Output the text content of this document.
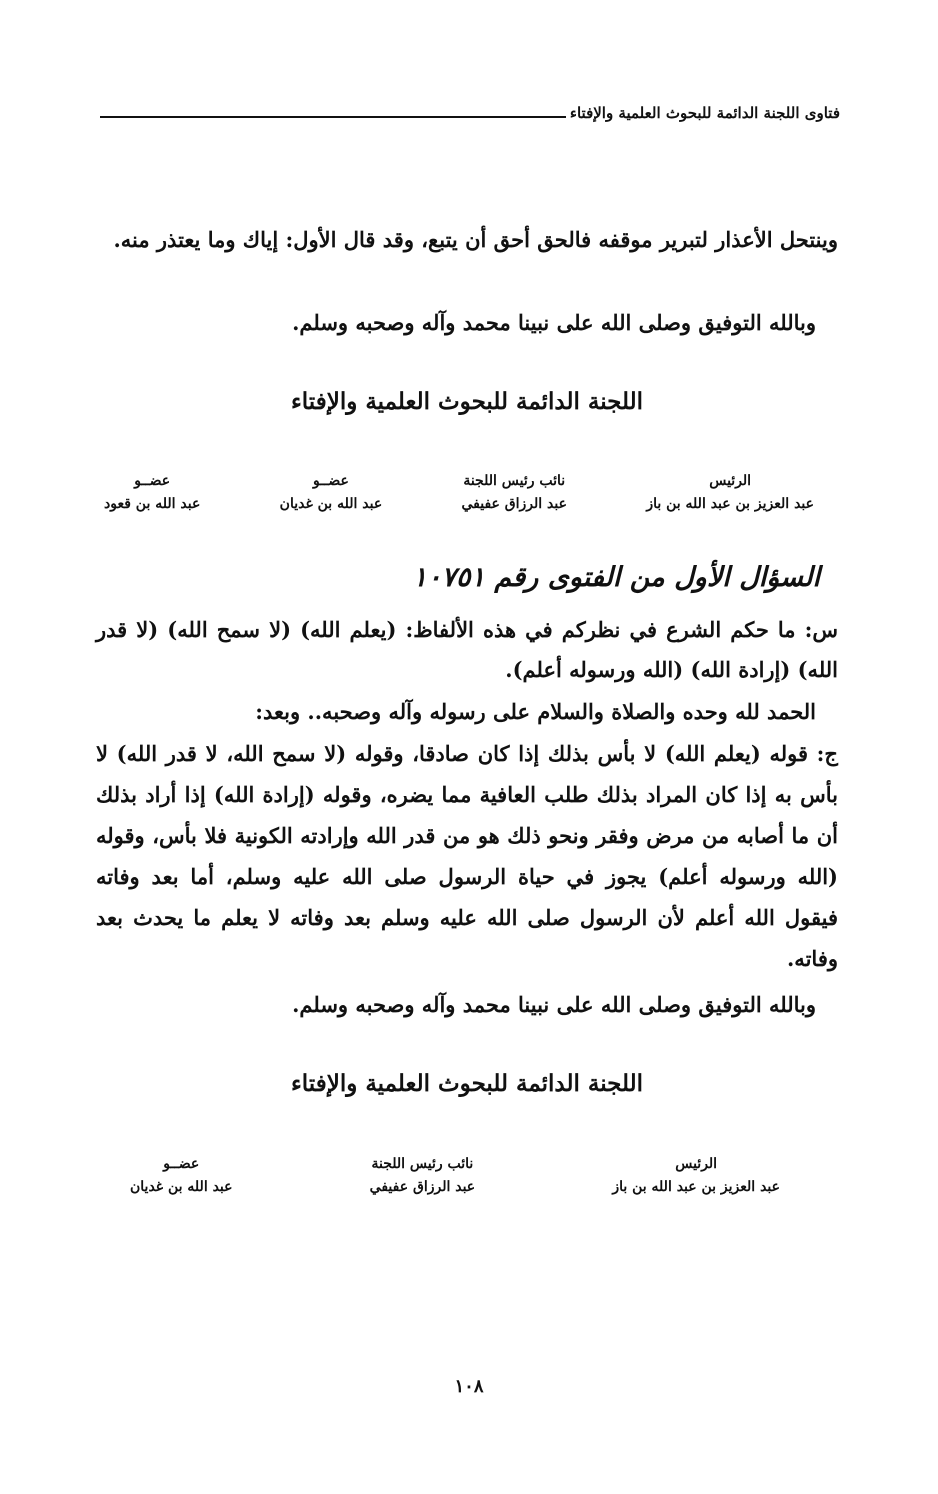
فتاوى اللجنة الدائمة للبحوث العلمية والإفتاء
وينتحل الأعذار لتبرير موقفه فالحق أحق أن يتبع، وقد قال الأول: إياك وما يعتذر منه.
وبالله التوفيق وصلى الله على نبينا محمد وآله وصحبه وسلم.
اللجنة الدائمة للبحوث العلمية والإفتاء
الرئيس
عبد العزيز بن عبد الله بن باز
نائب رئيس اللجنة
عبد الرزاق عفيفي
عضــو
عبد الله بن غديان
عضــو
عبد الله بن قعود
السؤال الأول من الفتوى رقم ١٠٧٥١
س: ما حكم الشرع في نظركم في هذه الألفاظ: (يعلم الله) (لا سمح الله) (لا قدر الله) (إرادة الله) (الله ورسوله أعلم).
الحمد لله وحده والصلاة والسلام على رسوله وآله وصحبه.. وبعد:
ج: قوله (يعلم الله) لا بأس بذلك إذا كان صادقا، وقوله (لا سمح الله، لا قدر الله) لا بأس به إذا كان المراد بذلك طلب العافية مما يضره، وقوله (إرادة الله) إذا أراد بذلك أن ما أصابه من مرض وفقر ونحو ذلك هو من قدر الله وإرادته الكونية فلا بأس، وقوله (الله ورسوله أعلم) يجوز في حياة الرسول صلى الله عليه وسلم، أما بعد وفاته فيقول الله أعلم لأن الرسول صلى الله عليه وسلم بعد وفاته لا يعلم ما يحدث بعد وفاته.
وبالله التوفيق وصلى الله على نبينا محمد وآله وصحبه وسلم.
اللجنة الدائمة للبحوث العلمية والإفتاء
الرئيس
عبد العزيز بن عبد الله بن باز
نائب رئيس اللجنة
عبد الرزاق عفيفي
عضــو
عبد الله بن غديان
١٠٨
